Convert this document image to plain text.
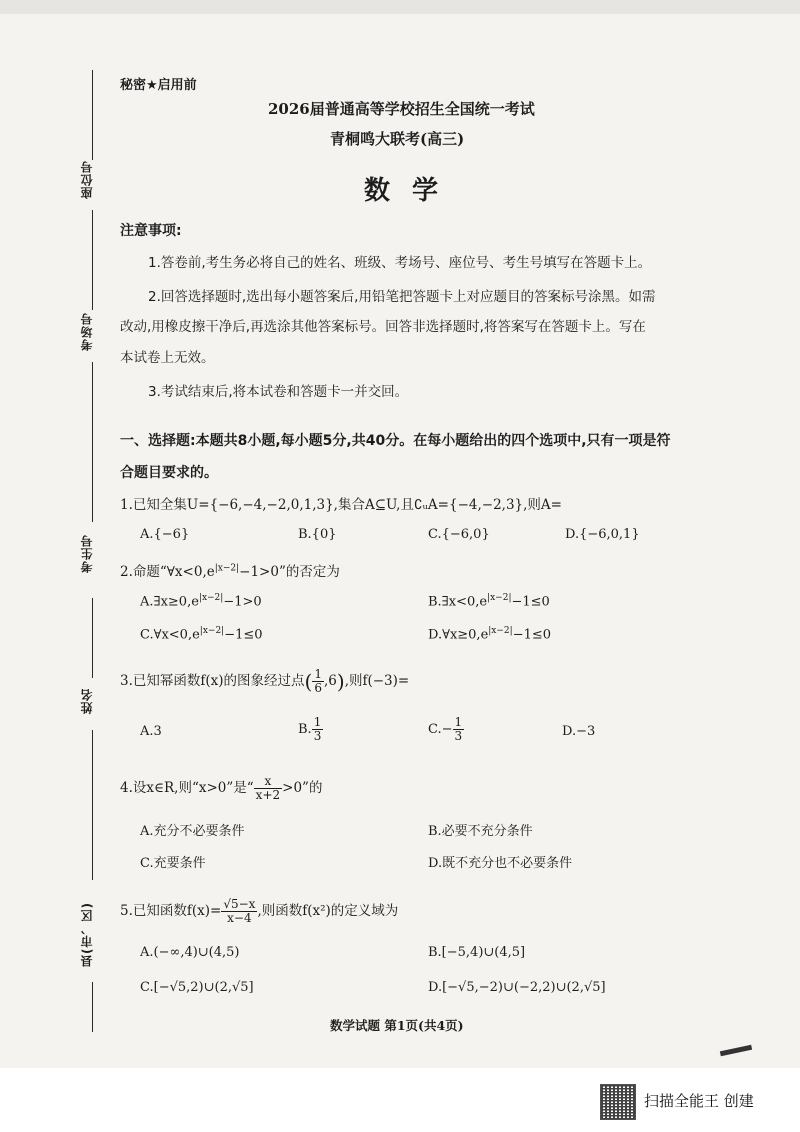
座位号
考场号
考生号
姓名
县(市、区)
秘密★启用前
2026届普通高等学校招生全国统一考试
青桐鸣大联考(高三)
数学
注意事项:
1.答卷前,考生务必将自己的姓名、班级、考场号、座位号、考生号填写在答题卡上。
2.回答选择题时,选出每小题答案后,用铅笔把答题卡上对应题目的答案标号涂黑。如需
改动,用橡皮擦干净后,再选涂其他答案标号。回答非选择题时,将答案写在答题卡上。写在
本试卷上无效。
3.考试结束后,将本试卷和答题卡一并交回。
一、选择题:本题共8小题,每小题5分,共40分。在每小题给出的四个选项中,只有一项是符
合题目要求的。
1.已知全集U={−6,−4,−2,0,1,3},集合A⊆U,且∁ᵤA={−4,−2,3},则A=
A.{−6}	B.{0}	C.{−6,0}	D.{−6,0,1}
2.命题“$\forall x<0,e^{|x-2|}-1>0$”的否定为
$A.\exists x\ge 0,e^{|x-2|}-1>0$	$B.\exists x<0,e^{|x-2|}-1\le 0$
$C.\forall x<0,e^{|x-2|}-1\le 0$	$D.\forall x\ge 0,e^{|x-2|}-1\le 0$
3.已知幂函数f(x)的图象经过点( $\frac{1}{6} ,6$),则f(−3)=
A.3	B. $\frac{1}{3}$	$C.- \frac{1}{3}$	D.−3
4.设x∈R,则“x>0”是“ $\frac{x}{x+2} >0$”的
A.充分不必要条件	B.必要不充分条件
C.充要条件	D.既不充分也不必要条件
5.已知函数$f(x)= \frac{√5-x}{x-4}$ ,则函数f(x²)的定义域为
A.(−∞,4)∪(4,5)	B.[−5,4)∪(4,5]
C.[−√5,2)∪(2,√5]	D.[−√5,−2)∪(−2,2)∪(2,√5]
数学试题 第1页(共4页)
扫描全能王 创建
